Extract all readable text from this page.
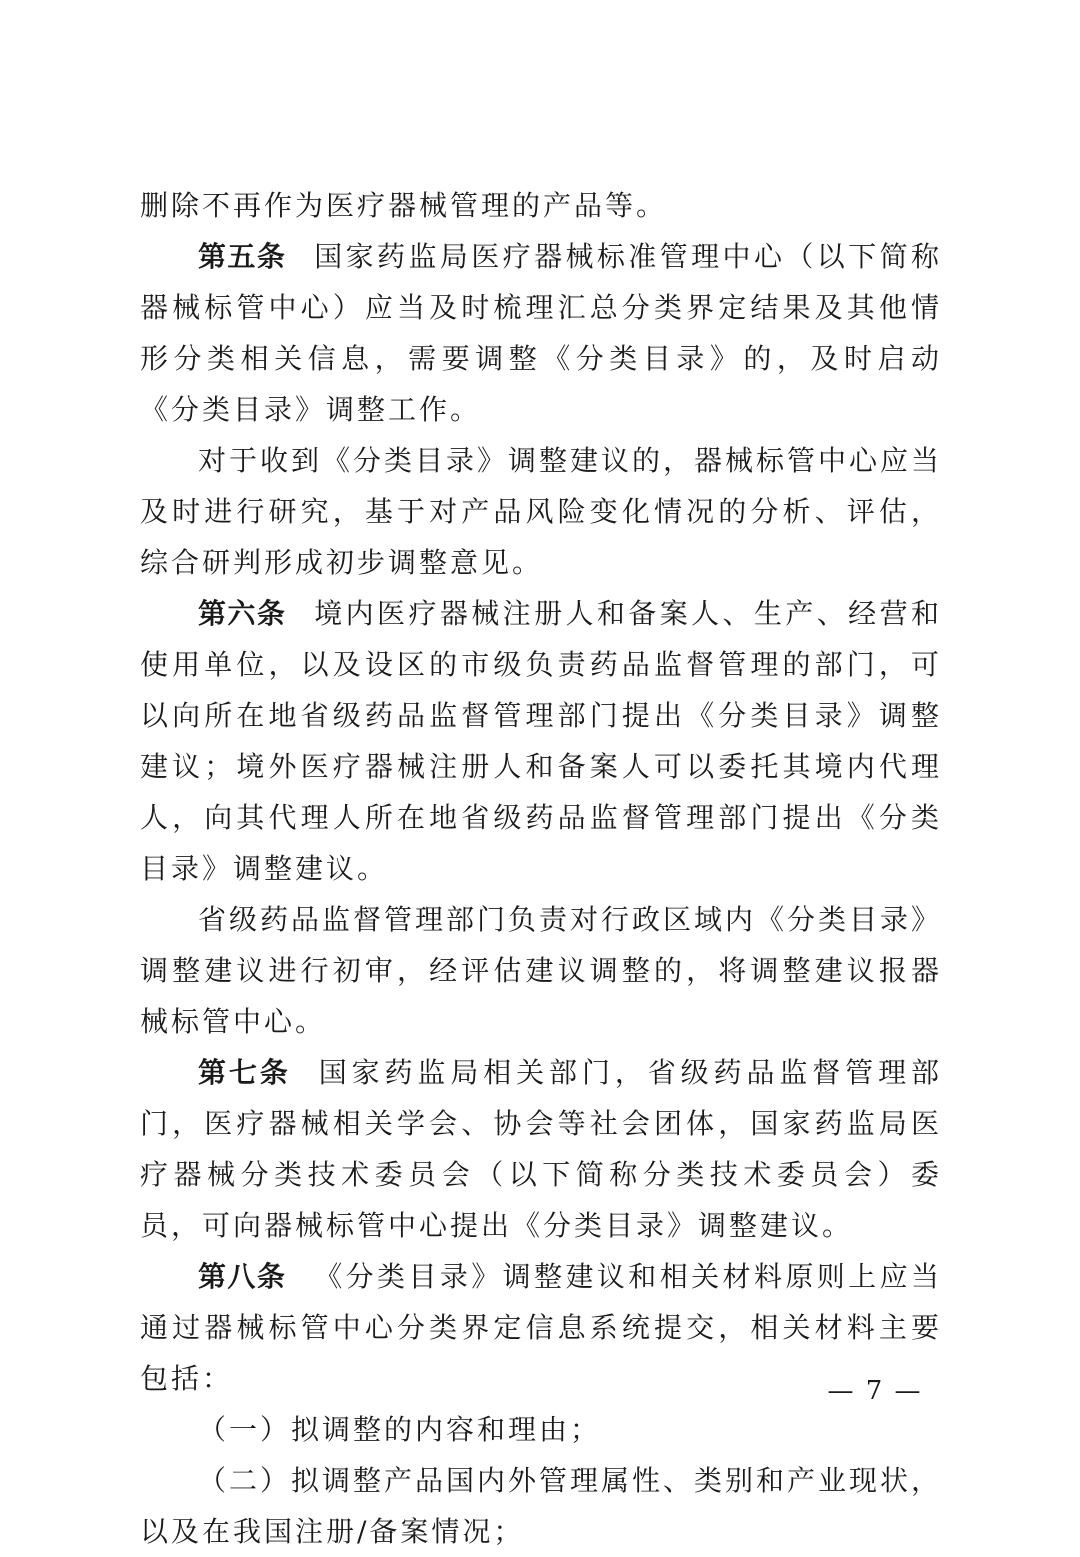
删除不再作为医疗器械管理的产品等。

第五条 国家药监局医疗器械标准管理中心（以下简称器械标管中心）应当及时梳理汇总分类界定结果及其他情形分类相关信息，需要调整《分类目录》的，及时启动《分类目录》调整工作。

对于收到《分类目录》调整建议的，器械标管中心应当及时进行研究，基于对产品风险变化情况的分析、评估，综合研判形成初步调整意见。

第六条 境内医疗器械注册人和备案人、生产、经营和使用单位，以及设区的市级负责药品监督管理的部门，可以向所在地省级药品监督管理部门提出《分类目录》调整建议；境外医疗器械注册人和备案人可以委托其境内代理人，向其代理人所在地省级药品监督管理部门提出《分类目录》调整建议。

省级药品监督管理部门负责对行政区域内《分类目录》调整建议进行初审，经评估建议调整的，将调整建议报器械标管中心。

第七条 国家药监局相关部门，省级药品监督管理部门，医疗器械相关学会、协会等社会团体，国家药监局医疗器械分类技术委员会（以下简称分类技术委员会）委员，可向器械标管中心提出《分类目录》调整建议。

第八条 《分类目录》调整建议和相关材料原则上应当通过器械标管中心分类界定信息系统提交，相关材料主要包括：

（一）拟调整的内容和理由；

（二）拟调整产品国内外管理属性、类别和产业现状，以及在我国注册/备案情况；

— 7 —
